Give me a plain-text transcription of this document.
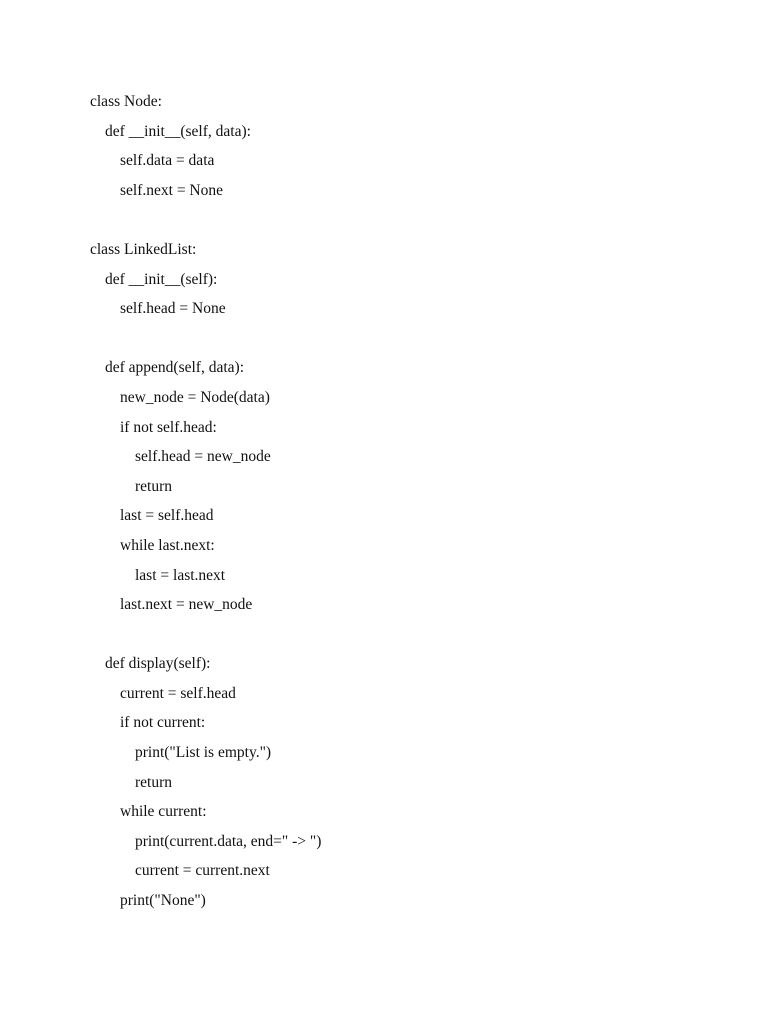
class Node:
def __init__(self, data):
self.data = data
self.next = None
class LinkedList:
def __init__(self):
self.head = None
def append(self, data):
new_node = Node(data)
if not self.head:
self.head = new_node
return
last = self.head
while last.next:
last = last.next
last.next = new_node
def display(self):
current = self.head
if not current:
print("List is empty.")
return
while current:
print(current.data, end=" -> ")
current = current.next
print("None")
